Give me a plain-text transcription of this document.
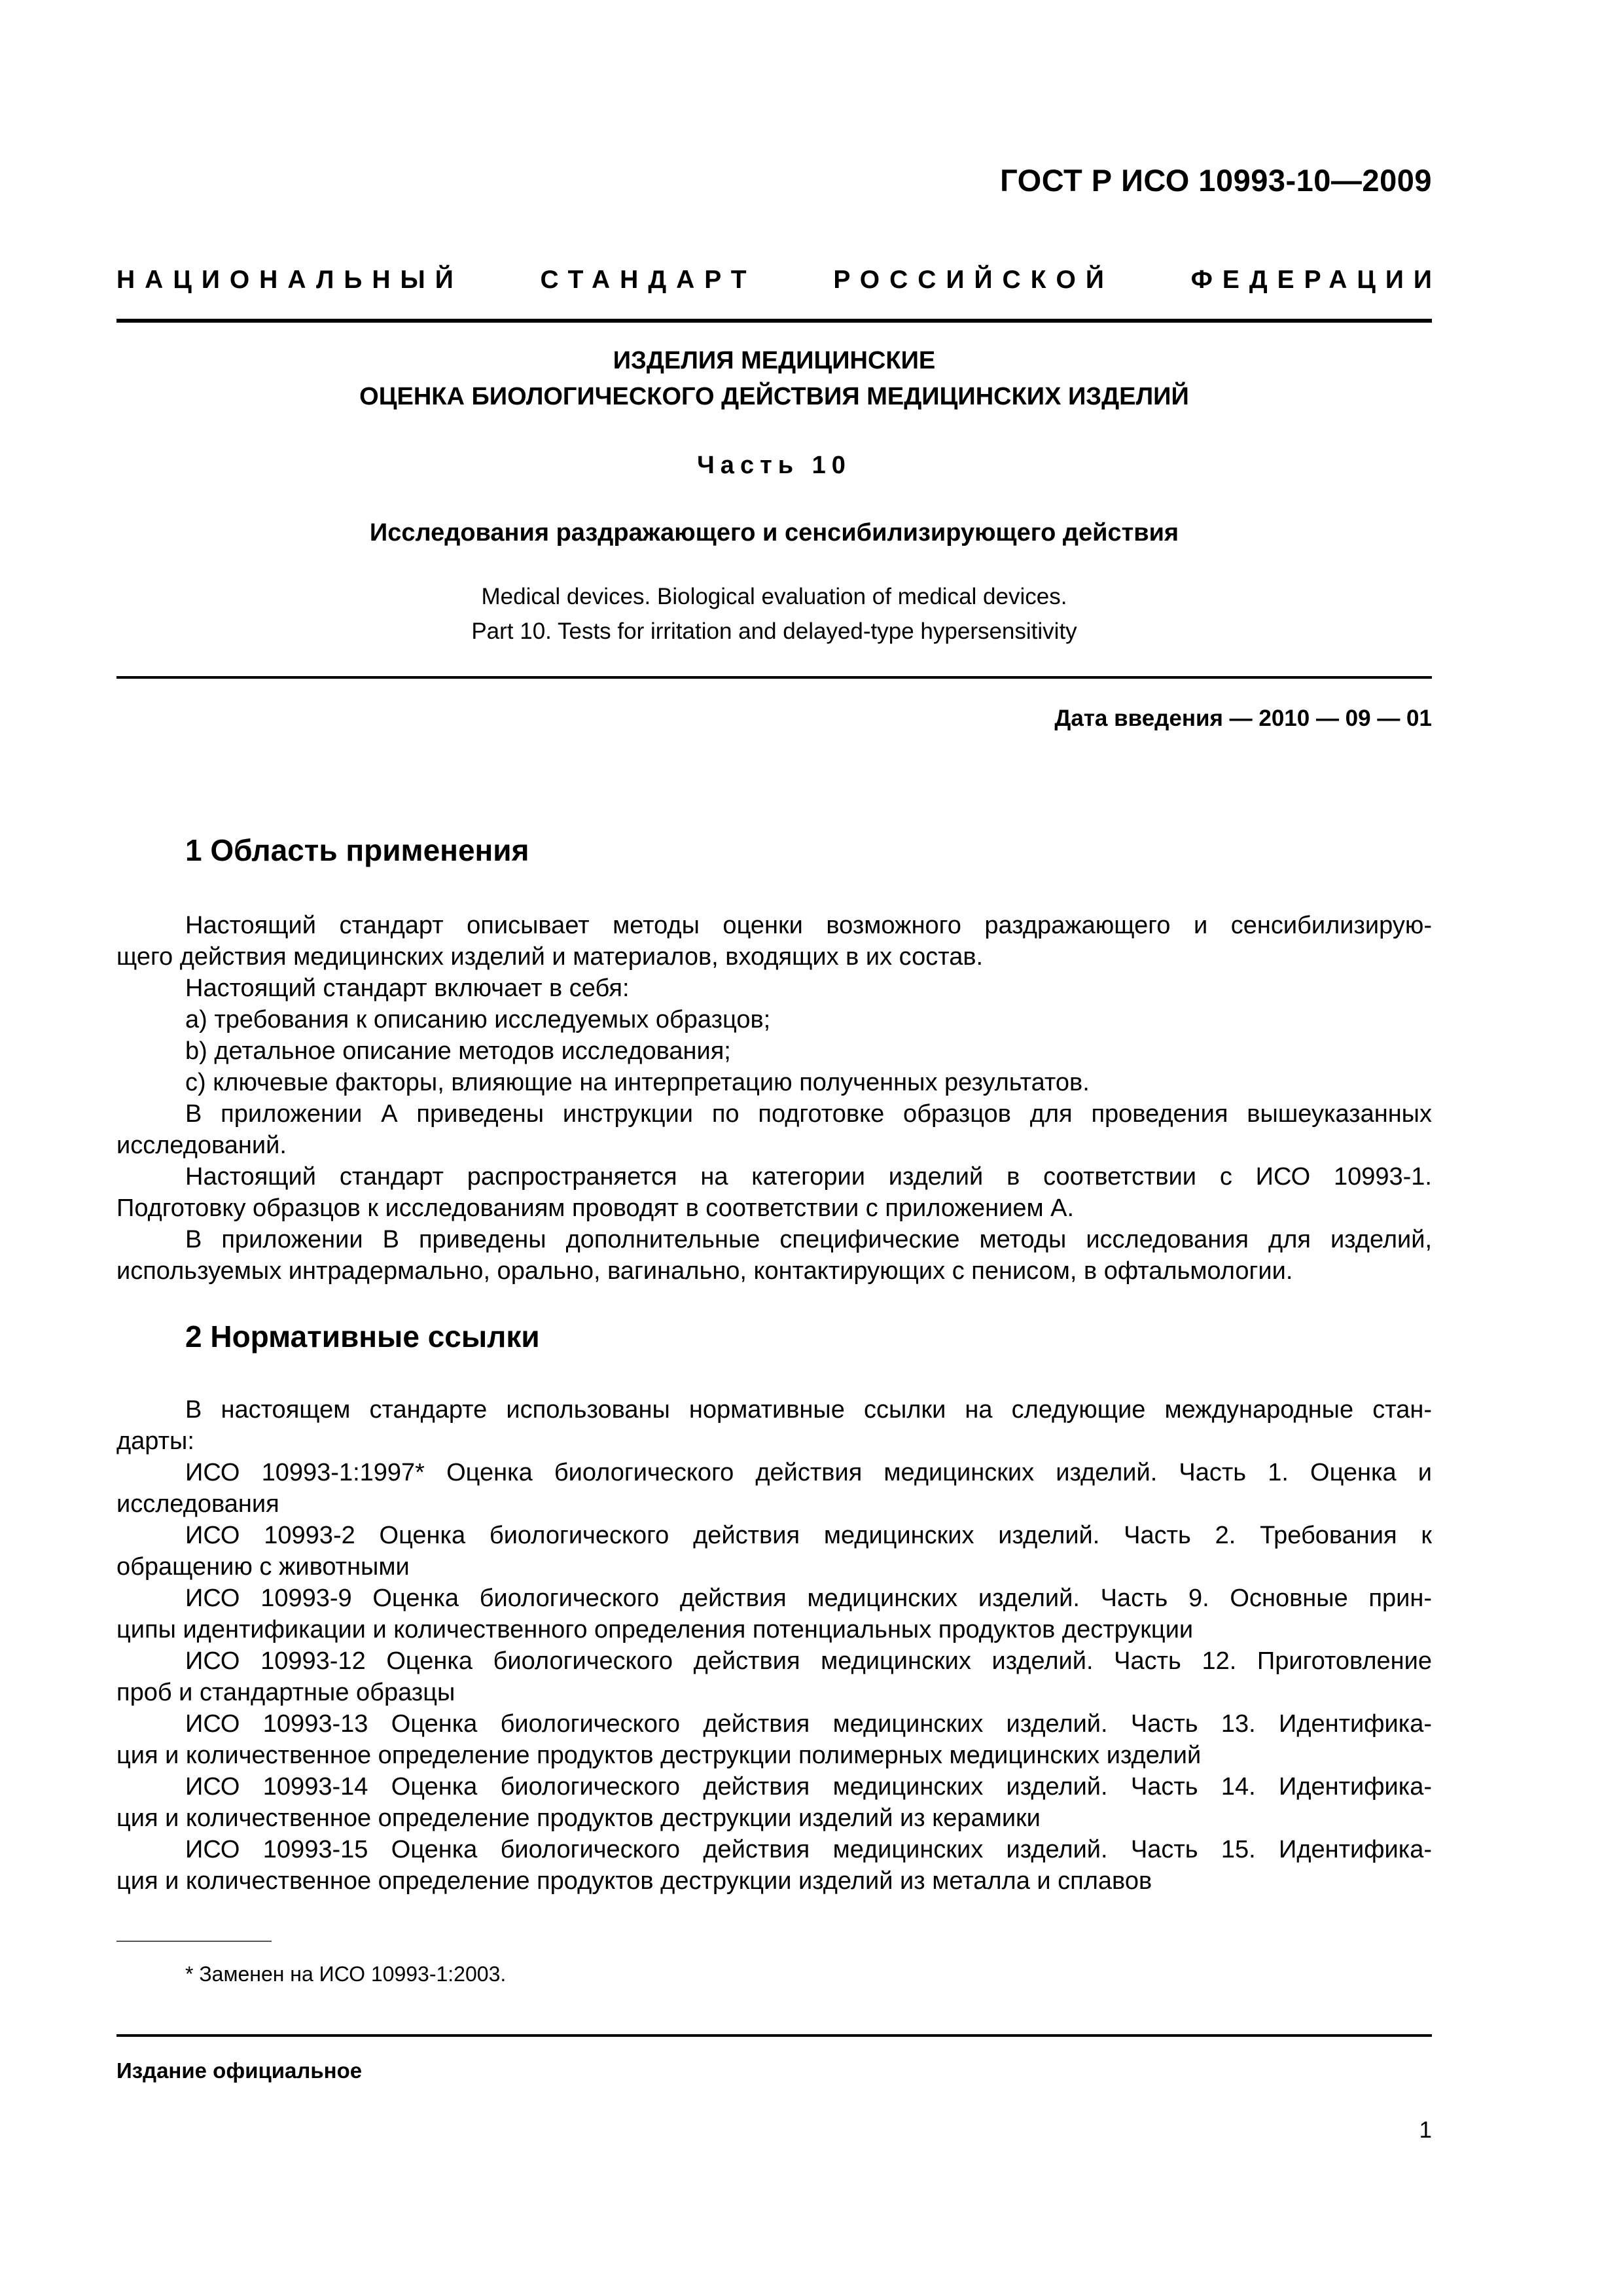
ГОСТ Р ИСО 10993-10—2009
НАЦИОНАЛЬНЫЙ	СТАНДАРТ	РОССИЙСКОЙ	ФЕДЕРАЦИИ
ИЗДЕЛИЯ МЕДИЦИНСКИЕ
ОЦЕНКА БИОЛОГИЧЕСКОГО ДЕЙСТВИЯ МЕДИЦИНСКИХ ИЗДЕЛИЙ
Часть 10
Исследования раздражающего и сенсибилизирующего действия
Medical devices. Biological evaluation of medical devices.
Part 10. Tests for irritation and delayed-type hypersensitivity
Дата введения — 2010 — 09 — 01
1 Область применения
Настоящий стандарт описывает методы оценки возможного раздражающего и сенсибилизирую-
щего действия медицинских изделий и материалов, входящих в их состав.
Настоящий стандарт включает в себя:
a) требования к описанию исследуемых образцов;
b) детальное описание методов исследования;
c) ключевые факторы, влияющие на интерпретацию полученных результатов.
В приложении А приведены инструкции по подготовке образцов для проведения вышеуказанных
исследований.
Настоящий стандарт распространяется на категории изделий в соответствии с ИСО 10993-1.
Подготовку образцов к исследованиям проводят в соответствии с приложением А.
В приложении В приведены дополнительные специфические методы исследования для изделий,
используемых интрадермально, орально, вагинально, контактирующих с пенисом, в офтальмологии.
2 Нормативные ссылки
В настоящем стандарте использованы нормативные ссылки на следующие международные стан-
дарты:
ИСО 10993-1:1997* Оценка биологического действия медицинских изделий. Часть 1. Оценка и
исследования
ИСО 10993-2 Оценка биологического действия медицинских изделий. Часть 2. Требования к
обращению с животными
ИСО 10993-9 Оценка биологического действия медицинских изделий. Часть 9. Основные прин-
ципы идентификации и количественного определения потенциальных продуктов деструкции
ИСО 10993-12 Оценка биологического действия медицинских изделий. Часть 12. Приготовление
проб и стандартные образцы
ИСО 10993-13 Оценка биологического действия медицинских изделий. Часть 13. Идентифика-
ция и количественное определение продуктов деструкции полимерных медицинских изделий
ИСО 10993-14 Оценка биологического действия медицинских изделий. Часть 14. Идентифика-
ция и количественное определение продуктов деструкции изделий из керамики
ИСО 10993-15 Оценка биологического действия медицинских изделий. Часть 15. Идентифика-
ция и количественное определение продуктов деструкции изделий из металла и сплавов
* Заменен на ИСО 10993-1:2003.
Издание официальное
1
